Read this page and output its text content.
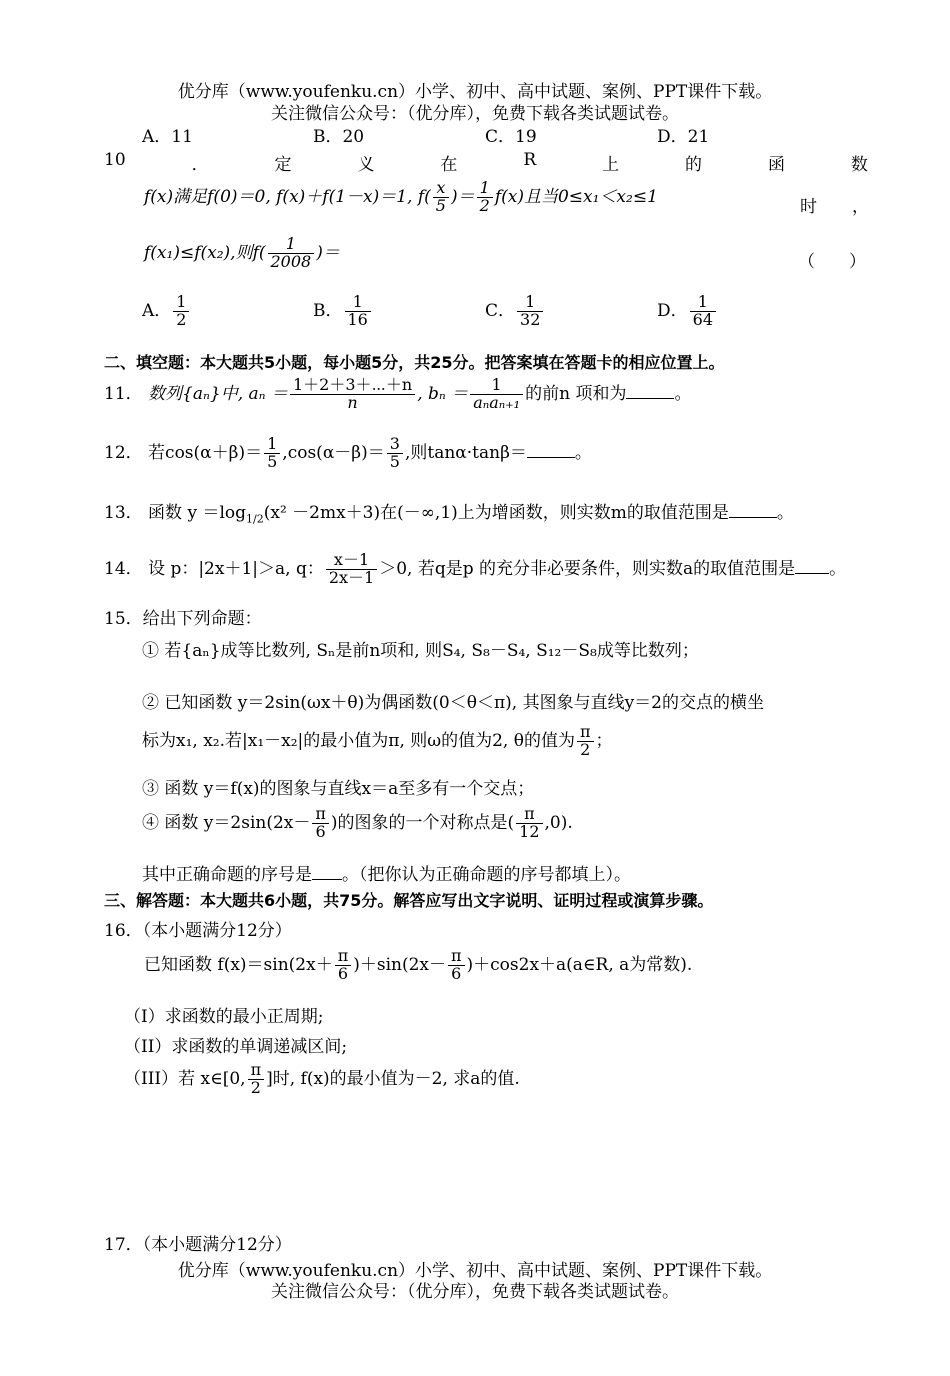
优分库（www.youfenku.cn）小学、初中、高中试题、案例、PPT课件下载。
关注微信公众号：（优分库），免费下载各类试题试卷。
A．11	B．20	C．19	D．21
10	．	定	义	在	R	上	的	函	数
f(x)满足f(0)＝0, f(x)＋f(1－x)＝1, $f( \frac{x}{5}$ )＝ $\frac{1}{2} f(x)$且当0≤x₁＜x₂≤1
时 ，
f(x₁)≤f(x₂),则$f( \frac{1}{2008}$ )＝	（　　）
A． $\frac{1}{2}$	B． $\frac{1}{16}$	C． $\frac{1}{32}$	D． $\frac{1}{64}$
二、填空题：本大题共5小题，每小题5分，共25分。把答案填在答题卡的相应位置上。
11． 数列{aₙ}中, $a_n = \frac{1+2+3+\cdots+n}{n}$ , $b_n = \frac{1}{\text{aₙaₙ₊₁}}$ 的前n 项和为	。
12． 若$\cos(\alpha+\beta)= \frac{1}{5} ,\cos(\alpha-\beta)= \frac{3}{5}$ ,则tanα·tanβ＝	。
13． 函数 $y =\log_{1/2}(x^2 -2mx+3)$在(－∞,1)上为增函数，则实数m的取值范围是	。
14． 设 p：|2x＋1|＞a, q： $\frac{x-1}{2x-1} >0$, 若q是p 的充分非必要条件，则实数a的取值范围是 。
15．给出下列命题：
① 若{aₙ}成等比数列, Sₙ是前n项和, 则S₄, S₈－S₄, S₁₂－S₈成等比数列；
② 已知函数 y＝2sin(ωx＋θ)为偶函数(0＜θ＜π), 其图象与直线y＝2的交点的横坐
标为x₁, x₂.若|x₁－x₂|的最小值为π, 则ω的值为2, θ的值为 $\frac{\pi}{2}$ ；
③ 函数 y＝f(x)的图象与直线x＝a至多有一个交点；
④ 函数 $y=2\sin(2x- \frac{\pi}{6}$ )的图象的一个对称点是( $\frac{\pi}{12} ,0$).
其中正确命题的序号是 。（把你认为正确命题的序号都填上）。
三、解答题：本大题共6小题，共75分。解答应写出文字说明、证明过程或演算步骤。
16．（本小题满分12分）
已知函数 $f(x)=\sin(2x+ \frac{\pi}{6} )+\sin(2x- \frac{\pi}{6}$ )＋cos2x＋a(a∈R, a为常数).
（I）求函数的最小正周期;
（II）求函数的单调递减区间;
（III）若 x∈[0, $\frac{\pi}{2}$ ]时, f(x)的最小值为－2, 求a的值.
17．（本小题满分12分）
优分库（www.youfenku.cn）小学、初中、高中试题、案例、PPT课件下载。
关注微信公众号：（优分库），免费下载各类试题试卷。
